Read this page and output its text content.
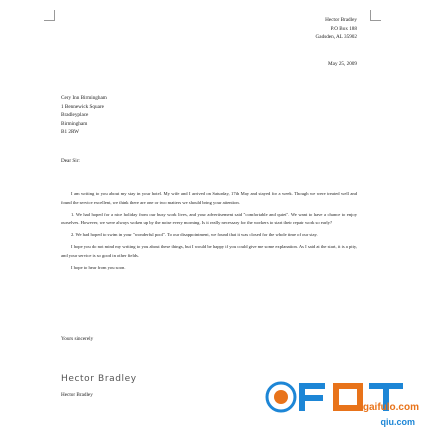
Hector Bradley
P.O Box 188
Gadsden, AL 35902
May 25, 2009
Cery Inn Birmingham
1 Bennewick Square
Bradleyplace
Birmingham
B1 2RW
Dear Sir:

I am writing to you about my stay in your hotel. My wife and I arrived on Saturday, 17th May and stayed for a week. Though we were treated well and found the service excellent, we think there are one or two matters we should bring your attention.

1. We had hoped for a nice holiday from our busy work lives, and your advertisement said "comfortable and quiet". We want to have a chance to enjoy ourselves. However, we were always woken up by the noise every morning. Is it really necessary for the workers to start their repair work so early?

2. We had hoped to swim in your "wonderful pool". To our disappointment, we found that it was closed for the whole time of our stay.

I hope you do not mind my writing to you about these things, but I would be happy if you could give me some explanation. As I said at the start, it is a pity, and your service is so good in other fields.

I hope to hear from you soon.

Yours sincerely
Hector Bradley
Hector Bradley
i.gaifulo.com
qiu.com
